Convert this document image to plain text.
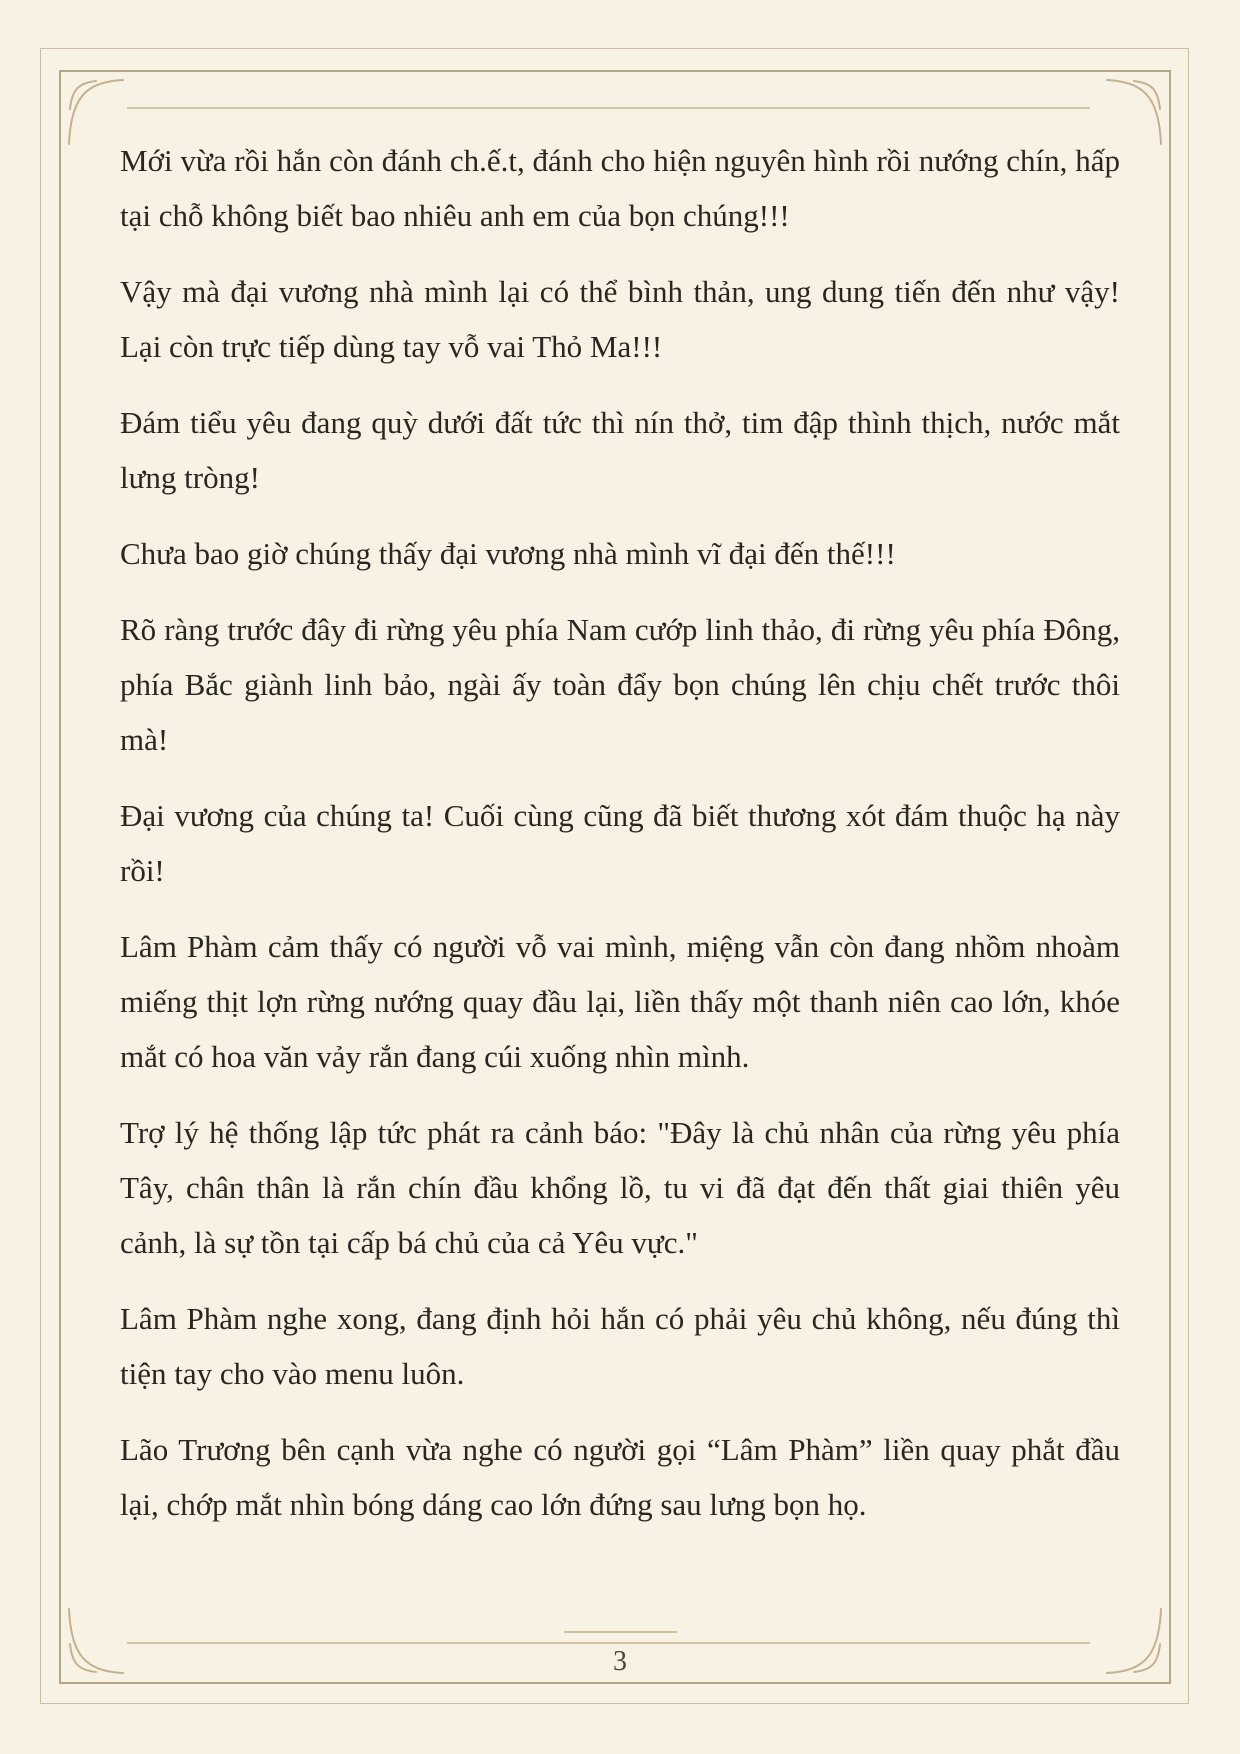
Mới vừa rồi hắn còn đánh ch.ế.t, đánh cho hiện nguyên hình rồi nướng chín, hấp tại chỗ không biết bao nhiêu anh em của bọn chúng!!!

Vậy mà đại vương nhà mình lại có thể bình thản, ung dung tiến đến như vậy! Lại còn trực tiếp dùng tay vỗ vai Thỏ Ma!!!

Đám tiểu yêu đang quỳ dưới đất tức thì nín thở, tim đập thình thịch, nước mắt lưng tròng!

Chưa bao giờ chúng thấy đại vương nhà mình vĩ đại đến thế!!!

Rõ ràng trước đây đi rừng yêu phía Nam cướp linh thảo, đi rừng yêu phía Đông, phía Bắc giành linh bảo, ngài ấy toàn đẩy bọn chúng lên chịu chết trước thôi mà!

Đại vương của chúng ta! Cuối cùng cũng đã biết thương xót đám thuộc hạ này rồi!

Lâm Phàm cảm thấy có người vỗ vai mình, miệng vẫn còn đang nhồm nhoàm miếng thịt lợn rừng nướng quay đầu lại, liền thấy một thanh niên cao lớn, khóe mắt có hoa văn vảy rắn đang cúi xuống nhìn mình.

Trợ lý hệ thống lập tức phát ra cảnh báo: "Đây là chủ nhân của rừng yêu phía Tây, chân thân là rắn chín đầu khổng lồ, tu vi đã đạt đến thất giai thiên yêu cảnh, là sự tồn tại cấp bá chủ của cả Yêu vực."

Lâm Phàm nghe xong, đang định hỏi hắn có phải yêu chủ không, nếu đúng thì tiện tay cho vào menu luôn.

Lão Trương bên cạnh vừa nghe có người gọi “Lâm Phàm” liền quay phắt đầu lại, chớp mắt nhìn bóng dáng cao lớn đứng sau lưng bọn họ.

3
